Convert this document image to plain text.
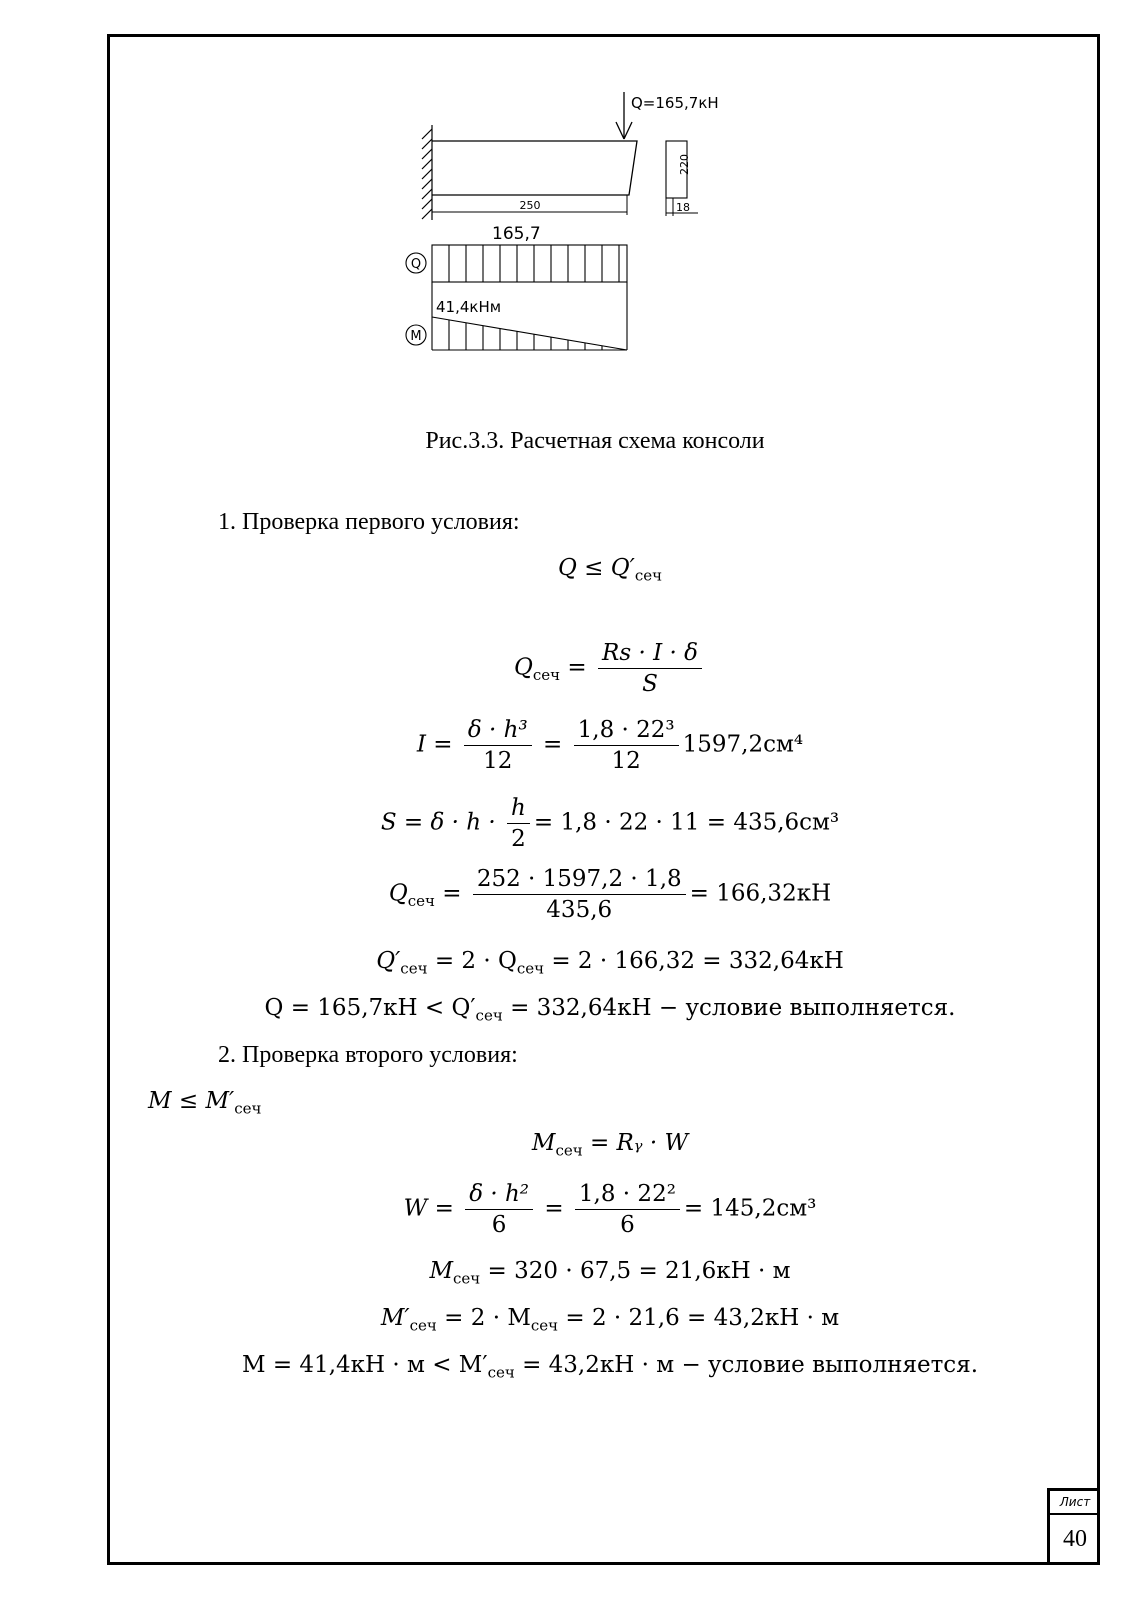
Q=165,7кН
250
220
18
165,7
Q
41,4кНм
M
Рис.3.3. Расчетная схема консоли
1. Проверка первого условия:
$Q \le Q'_{сеч}$
$Q_{сеч} = \frac{Rs \cdot I \cdot \delta}{S}$
$I = \frac{\text{δ · h³}}{12} = \frac{\text{1,8 · 22³}}{12} 1597,2см^4$
$S = \delta \cdot h \cdot \frac{h}{2} = 1,8 \cdot 22 \cdot 11 = 435,6см^3$
$Q_{сеч} = \frac{252 \cdot 1597,2 \cdot 1,8}{435,6} = 166,32кН$
$Q'_{сеч} = 2 \cdot Q_{сеч} = 2 \cdot 166,32 = 332,64кН$
$Q = 165,7кН < Q'_{сеч} = 332,64кН$ − условие выполняется.
2. Проверка второго условия:
$M \le M'_{сеч}$
$M_{сеч}$ = Rᵧ · W
$W = \frac{\text{δ · h²}}{6} = \frac{\text{1,8 · 22²}}{6} = 145,2см^3$
$M_{сеч} = 320 \cdot 67,5 = 21,6кН \cdot м$
$M'_{сеч} = 2 \cdot M_{сеч} = 2 \cdot 21,6 = 43,2кН \cdot м$
$M = 41,4кН \cdot м < M'_{сеч} = 43,2кН \cdot м$ − условие выполняется.
Лист
40
